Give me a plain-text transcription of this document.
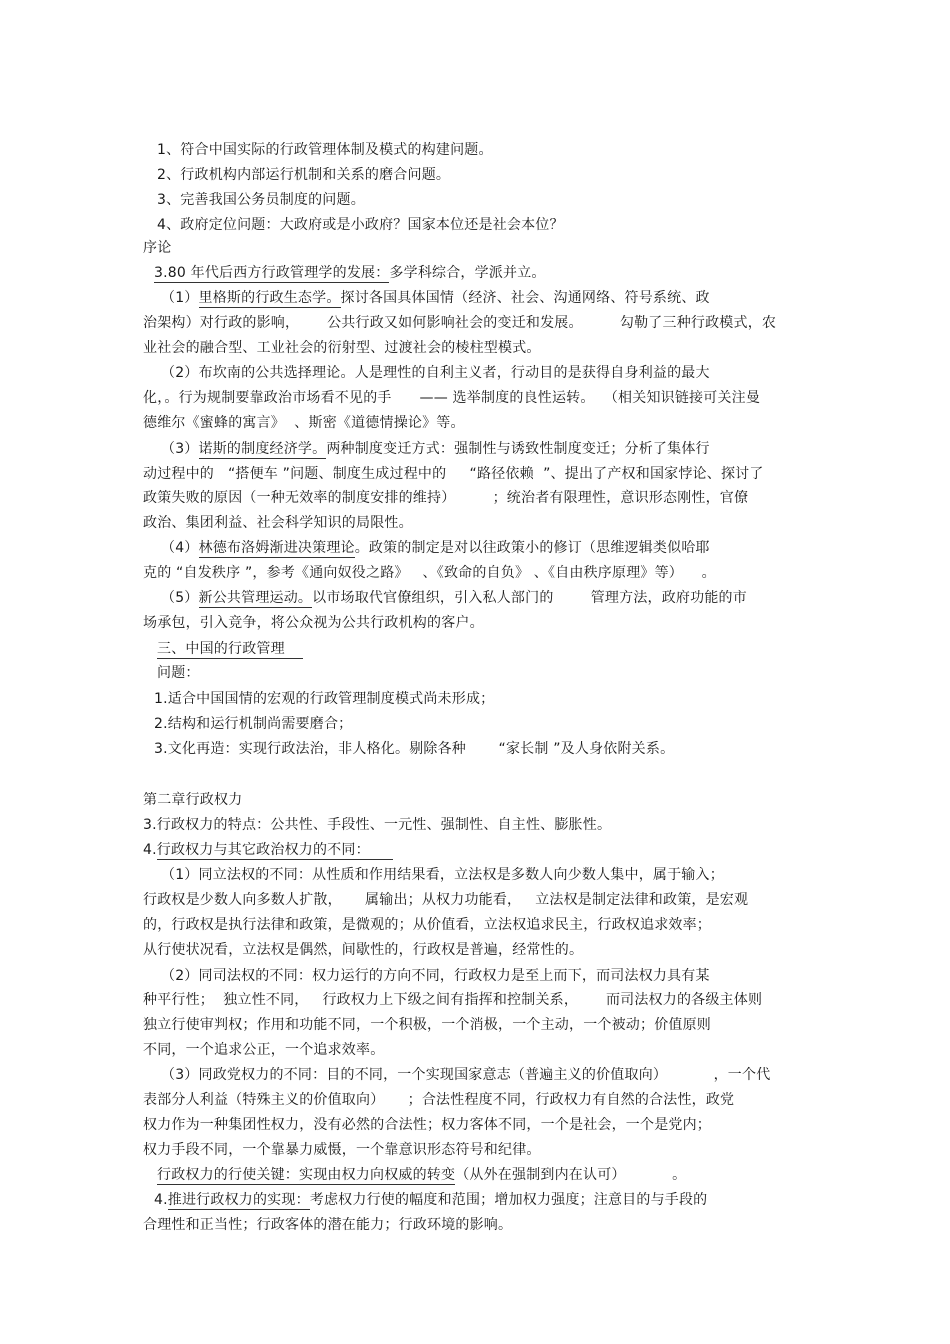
1、符合中国实际的行政管理体制及模式的构建问题。
2、行政机构内部运行机制和关系的磨合问题。
3、完善我国公务员制度的问题。
4、政府定位问题：大政府或是小政府？国家本位还是社会本位？
序论
3.80 年代后西方行政管理学的发展：多学科综合，学派并立。
（1）里格斯的行政生态学。探讨各国具体国情（经济、社会、沟通网络、符号系统、政
治架构）对行政的影响，      公共行政又如何影响社会的变迁和发展。        勾勒了三种行政模式，农
业社会的融合型、工业社会的衍射型、过渡社会的棱柱型模式。
（2）布坎南的公共选择理论。人是理性的自利主义者，行动目的是获得自身利益的最大
化，。行为规制要靠政治市场看不见的手      —— 选举制度的良性运转。  （相关知识链接可关注曼
德维尔《蜜蜂的寓言》  、斯密《道德情操论》等。
（3）诺斯的制度经济学。两种制度变迁方式：强制性与诱致性制度变迁；分析了集体行
动过程中的   “搭便车 ”问题、制度生成过程中的     “路径依赖  ”、提出了产权和国家悖论、探讨了
政策失败的原因（一种无效率的制度安排的维持）        ；统治者有限理性，意识形态刚性，官僚
政治、集团利益、社会科学知识的局限性。
（4）林德布洛姆渐进决策理论。政策的制定是对以往政策小的修订（思维逻辑类似哈耶
克的 “自发秩序 ”，参考《通向奴役之路》   、《致命的自负》 、《自由秩序原理》等）    。
（5）新公共管理运动。以市场取代官僚组织，引入私人部门的        管理方法，政府功能的市
场承包，引入竞争，将公众视为公共行政机构的客户。
三、中国的行政管理
问题：
1.适合中国国情的宏观的行政管理制度模式尚未形成；
2.结构和运行机制尚需要磨合；
3.文化再造：实现行政法治，非人格化。剔除各种       “家长制 ”及人身依附关系。
第二章行政权力
3.行政权力的特点：公共性、手段性、一元性、强制性、自主性、膨胀性。
4.行政权力与其它政治权力的不同：
（1）同立法权的不同：从性质和作用结果看，立法权是多数人向少数人集中，属于输入；
行政权是少数人向多数人扩散，     属输出；从权力功能看，   立法权是制定法律和政策，是宏观
的，行政权是执行法律和政策，是微观的；从价值看，立法权追求民主，行政权追求效率；
从行使状况看，立法权是偶然，间歇性的，行政权是普遍，经常性的。
（2）同司法权的不同：权力运行的方向不同，行政权力是至上而下，而司法权力具有某
种平行性；  独立性不同，   行政权力上下级之间有指挥和控制关系，      而司法权力的各级主体则
独立行使审判权；作用和功能不同，一个积极，一个消极，一个主动，一个被动；价值原则
不同，一个追求公正，一个追求效率。
（3）同政党权力的不同：目的不同，一个实现国家意志（普遍主义的价值取向）          ，一个代
表部分人利益（特殊主义的价值取向）     ；合法性程度不同，行政权力有自然的合法性，政党
权力作为一种集团性权力，没有必然的合法性；权力客体不同，一个是社会，一个是党内；
权力手段不同，一个靠暴力威慑，一个靠意识形态符号和纪律。
行政权力的行使关键：实现由权力向权威的转变（从外在强制到内在认可）          。
4.推进行政权力的实现：考虑权力行使的幅度和范围；增加权力强度；注意目的与手段的
合理性和正当性；行政客体的潜在能力；行政环境的影响。
